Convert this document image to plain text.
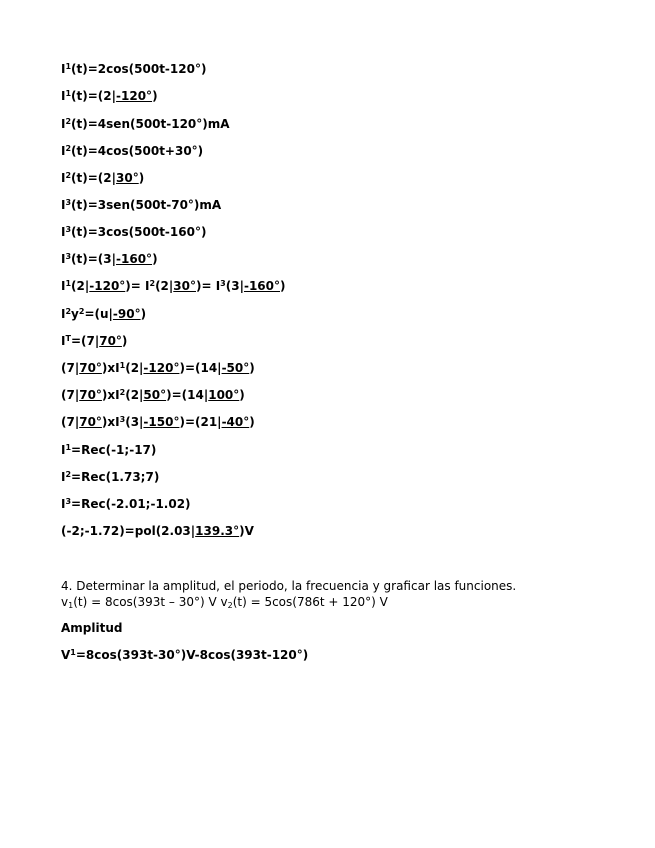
$I^1(t)=2\cos(500t-120^\circ)$
$I^1(t)=(2|-120^\circ)$
$I^2(t)=4sen(500t-120^\circ)mA$
$I^2(t)=4\cos(500t+30^\circ)$
$I^2(t)=(2|30^\circ)$
$I^3(t)=3sen(500t-70^\circ)mA$
$I^3(t)=3\cos(500t-160^\circ)$
$I^3(t)=(3|-160^\circ)$
$I^1(2|-120^\circ)= I^2(2|30^\circ)= I^3(3|-160^\circ)$
$I^2y^2=(u|-90^\circ)$
$I^T=(7|70^\circ)$
$(7|70^\circ)xI^1(2|-120^\circ)=(14|-50^\circ)$
$(7|70^\circ)xI^2(2|50^\circ)=(14|100^\circ)$
$(7|70^\circ)xI^3(3|-150^\circ)=(21|-40^\circ)$
$I^1=Rec(-1;-17)$
$I^2=Rec(1.73;7)$
$I^3=Rec(-2.01;-1.02)$
(-2;-1.72)=pol(2.03|139.3°)V
4. Determinar la amplitud, el periodo, la frecuencia y graficar las funciones.
$v_1(t) = 8\cos(393t - 30^\circ)$ V $v_2(t) = 5\cos(786t + 120^\circ)$ V
Amplitud
$V^1=8\cos(393t-30^\circ)V-8\cos(393t-120^\circ)$
